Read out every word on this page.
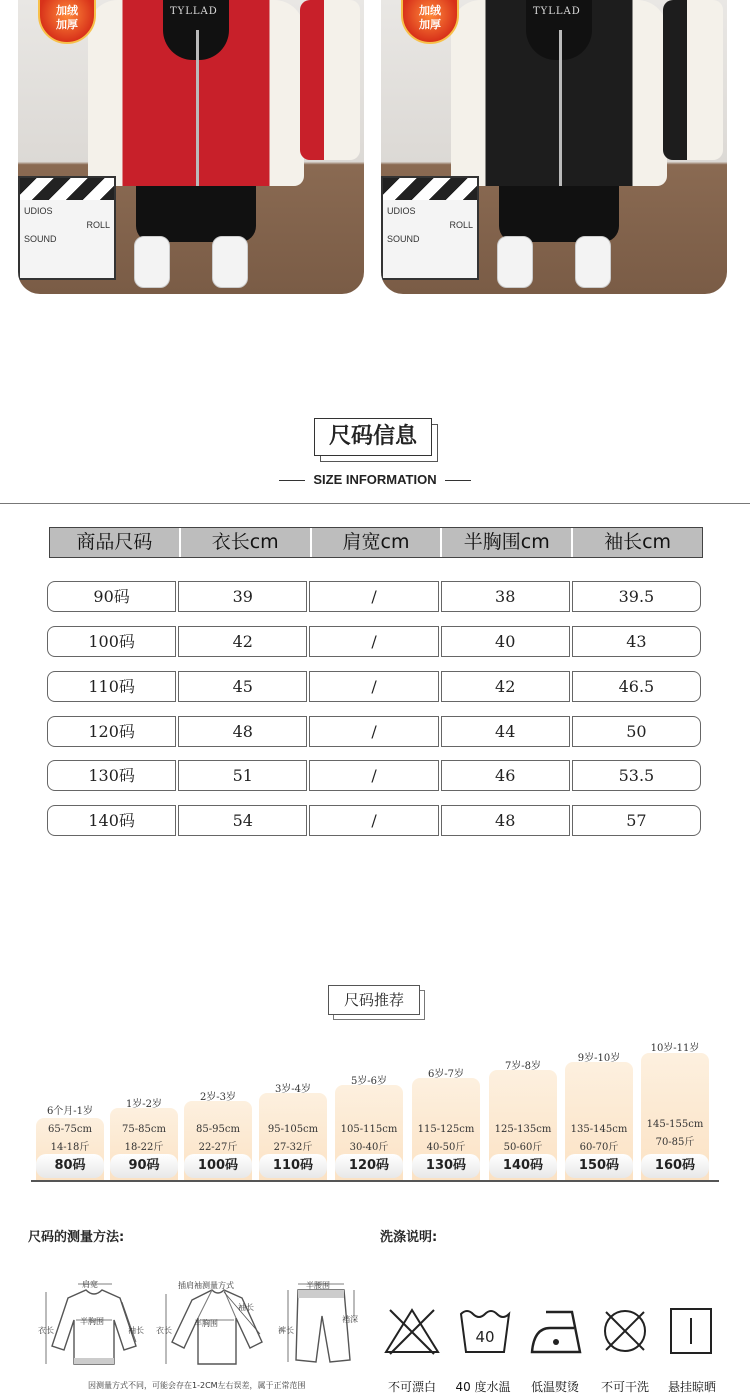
TYLLAD
UDIOS
ROLL
SOUND
加绒
加厚
TYLLAD
UDIOS
ROLL
SOUND
加绒
加厚
尺码信息
SIZE INFORMATION
商品尺码	衣长cm	肩宽cm	半胸围cm	袖长cm
90码	39	/	38	39.5
100码	42	/	40	43
110码	45	/	42	46.5
120码	48	/	44	50
130码	51	/	46	53.5
140码	54	/	48	57
尺码推荐
6个月-1岁
65-75cm
14-18斤
80码
1岁-2岁
75-85cm
18-22斤
90码
2岁-3岁
85-95cm
22-27斤
100码
3岁-4岁
95-105cm
27-32斤
110码
5岁-6岁
105-115cm
30-40斤
120码
6岁-7岁
115-125cm
40-50斤
130码
7岁-8岁
125-135cm
50-60斤
140码
9岁-10岁
135-145cm
60-70斤
150码
10岁-11岁
145-155cm
70-85斤
160码
尺码的测量方法:
肩宽
半胸围
衣长	袖长
插肩袖测量方式
半胸围
衣长
袖长
半腰围
裤长
裆深
因测量方式不同，可能会存在1-2CM左右误差，属于正常范围
洗涤说明:
不可漂白
40
40 度水温	低温熨烫	不可干洗	悬挂晾晒
